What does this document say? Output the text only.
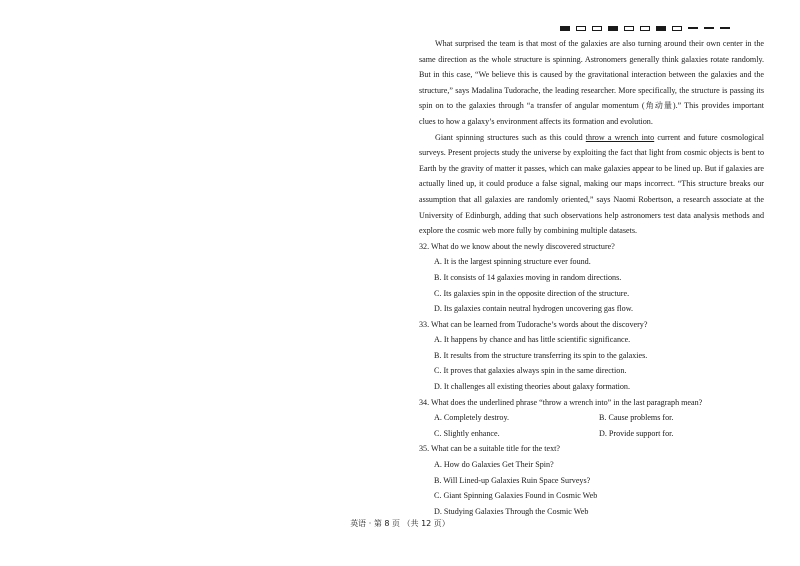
What surprised the team is that most of the galaxies are also turning around their own center in the same direction as the whole structure is spinning. Astronomers generally think galaxies rotate randomly. But in this case, “We believe this is caused by the gravitational interaction between the galaxies and the structure,” says Madalina Tudorache, the leading researcher. More specifically, the structure is passing its spin on to the galaxies through “a transfer of angular momentum (角动量).” This provides important clues to how a galaxy’s environment affects its formation and evolution.

Giant spinning structures such as this could throw a wrench into current and future cosmological surveys. Present projects study the universe by exploiting the fact that light from cosmic objects is bent to Earth by the gravity of matter it passes, which can make galaxies appear to be lined up. But if galaxies are actually lined up, it could produce a false signal, making our maps incorrect. “This structure breaks our assumption that all galaxies are randomly oriented,” says Naomi Robertson, a research associate at the University of Edinburgh, adding that such observations help astronomers test data analysis methods and explore the cosmic web more fully by combining multiple datasets.

32. What do we know about the newly discovered structure?

A. It is the largest spinning structure ever found.

B. It consists of 14 galaxies moving in random directions.

C. Its galaxies spin in the opposite direction of the structure.

D. Its galaxies contain neutral hydrogen uncovering gas flow.

33. What can be learned from Tudorache’s words about the discovery?

A. It happens by chance and has little scientific significance.

B. It results from the structure transferring its spin to the galaxies.

C. It proves that galaxies always spin in the same direction.

D. It challenges all existing theories about galaxy formation.

34. What does the underlined phrase “throw a wrench into” in the last paragraph mean?

A. Completely destroy.	B. Cause problems for.

C. Slightly enhance.	D. Provide support for.

35. What can be a suitable title for the text?

A. How do Galaxies Get Their Spin?

B. Will Lined-up Galaxies Ruin Space Surveys?

C. Giant Spinning Galaxies Found in Cosmic Web

D. Studying Galaxies Through the Cosmic Web

英语 · 第 8 页 （共 12 页）
